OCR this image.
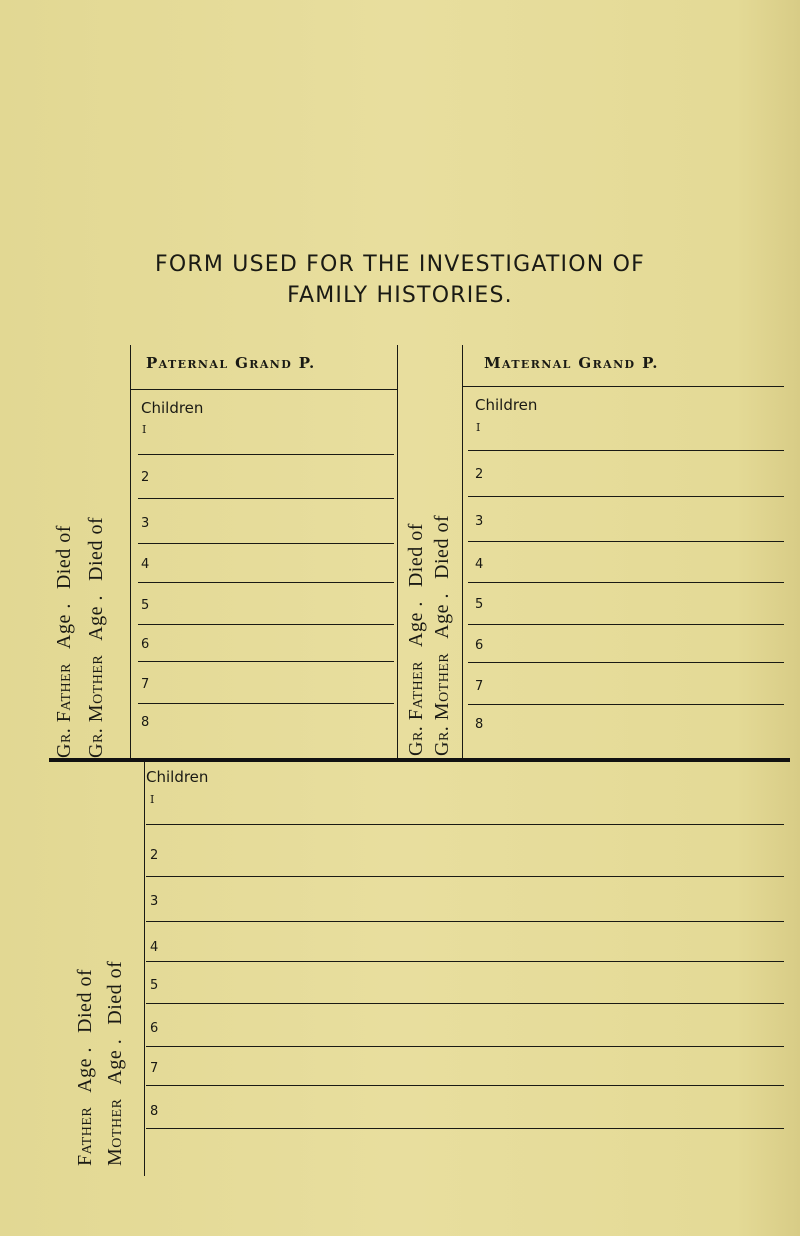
FORM USED FOR THE INVESTIGATION OF
FAMILY HISTORIES.
Paternal Grand P.	Maternal Grand P.
Children
I
2
3
4
5
6
7
8
Children
I
2
3
4
5
6
7
8
Gr. FatherAge .Died of
Gr. MotherAge .Died of
Gr. FatherAge .Died of
Gr. MotherAge .Died of
Children
I
2
3
4
5
6
7
8
FatherAge .Died of
MotherAge .Died of
